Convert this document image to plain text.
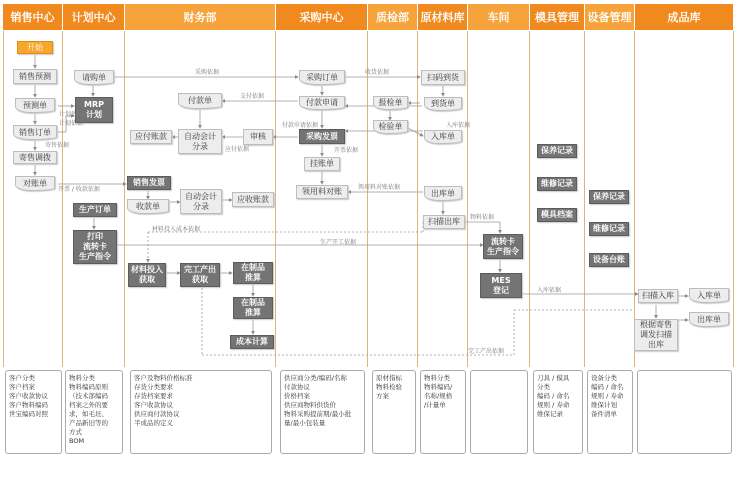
销售中心	计划中心	财务部	采购中心	质检部	原材料库	车间	模具管理 设备管理	成品库
开始
销售预测
预测单
销售订单
寄售调拨
对账单
请购单
MRP
计划
生产订单
打印
流转卡
生产指令
付款单
应付账款	自动会计
分录
审核
销售发票
收款单
自动会计
分录
应收账款
材料投入
获取
完工产出
获取
在制品
推算
在制品
推算
成本计算
采购订单
付款申请
采购发票
挂账单
领用料对账
报检单
检验单
扫码到货
到货单
入库单
出库单
扫描出库
流转卡
生产指令
MES
登记
保养记录
维修记录
模具档案
保养记录
维修记录
设备台账
扫描入库	入库单
出库单
根据寄售
调发扫描
出库
采购依据	收货依据
支付依据
付款申请依据
应付依据	开票依据
入库依据
领用料对账依据
物料依据
材料投入成本依据
生产开工依据
入库依据
完工产出依据
开票 / 收款依据
计划依据
寄售依据
计划依据
客户分类
客户档案
客户收款协议
客户物料编码
世宝编码对照
物料分类
物料编码原则
（技术部编码
档案之外的要
求，如毛坯、
产品新旧等的
方式
BOM
客户及物料价格标准
存货分类要求
存货档案要求
客户收款协议
供应商付款协议
半成品的定义
供应商分类/编码/名称
付款协议
价格档案
供应商物料供货价
物料采购提前期/最小批
量/最小包装量
原材指标
物料检验
方案
物料分类
物料编码/
名称/规格
/计量单
刀具 / 模具
分类
编码 / 命名
规则 / 寿命
维保记录
设备分类
编码 / 命名
规则 / 寿命
维保计划
备件清单
